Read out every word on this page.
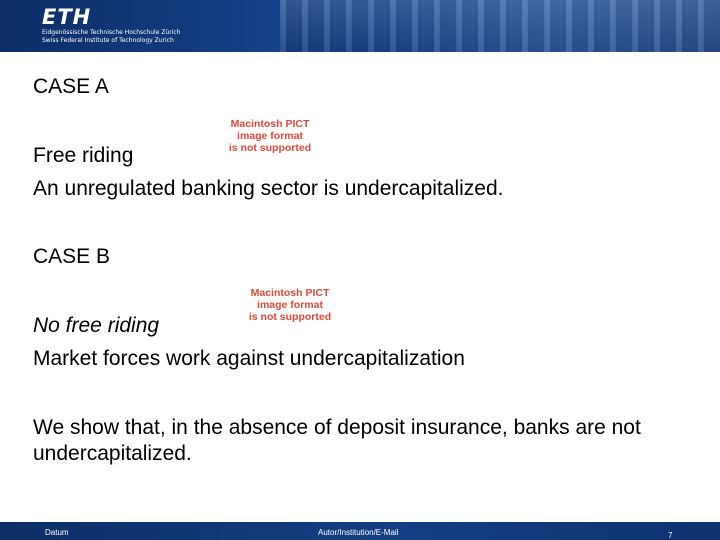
ETH
Eidgenössische Technische Hochschule Zürich
Swiss Federal Institute of Technology Zurich
CASE A
Macintosh PICT
image format
is not supported
Free riding
An unregulated banking sector is undercapitalized.
CASE B
Macintosh PICT
image format
is not supported
No free riding
Market forces work against undercapitalization
We show that, in the absence of deposit insurance, banks are not undercapitalized.
Datum	Autor/Institution/E-Mail	7
